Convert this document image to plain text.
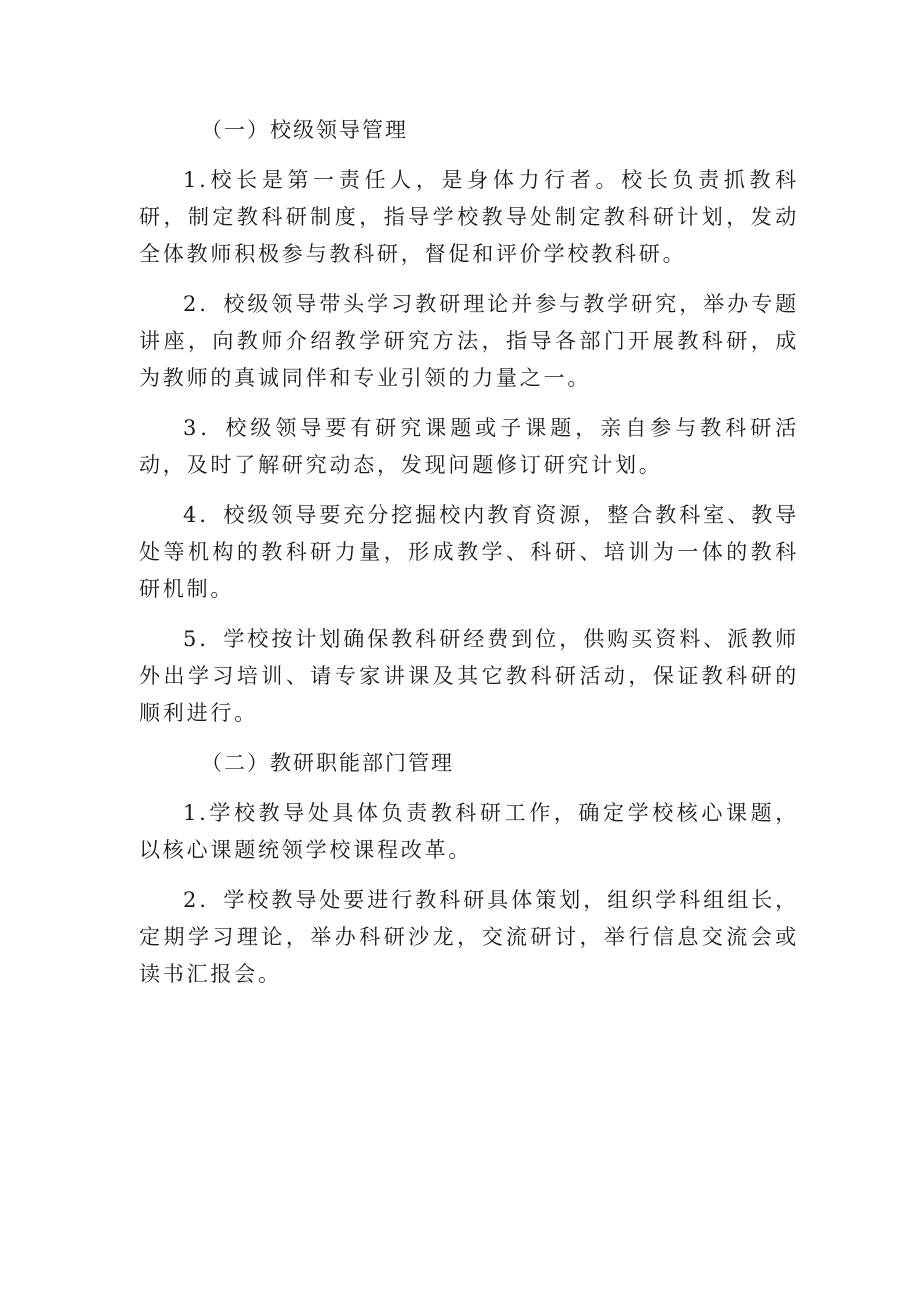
（一）校级领导管理

1.校长是第一责任人，是身体力行者。校长负责抓教科研，制定教科研制度，指导学校教导处制定教科研计划，发动全体教师积极参与教科研，督促和评价学校教科研。

2．校级领导带头学习教研理论并参与教学研究，举办专题讲座，向教师介绍教学研究方法，指导各部门开展教科研，成为教师的真诚同伴和专业引领的力量之一。

3．校级领导要有研究课题或子课题，亲自参与教科研活动，及时了解研究动态，发现问题修订研究计划。

4．校级领导要充分挖掘校内教育资源，整合教科室、教导处等机构的教科研力量，形成教学、科研、培训为一体的教科研机制。

5．学校按计划确保教科研经费到位，供购买资料、派教师外出学习培训、请专家讲课及其它教科研活动，保证教科研的顺利进行。

（二）教研职能部门管理

1.学校教导处具体负责教科研工作，确定学校核心课题，以核心课题统领学校课程改革。

2．学校教导处要进行教科研具体策划，组织学科组组长，定期学习理论，举办科研沙龙，交流研讨，举行信息交流会或读书汇报会。
